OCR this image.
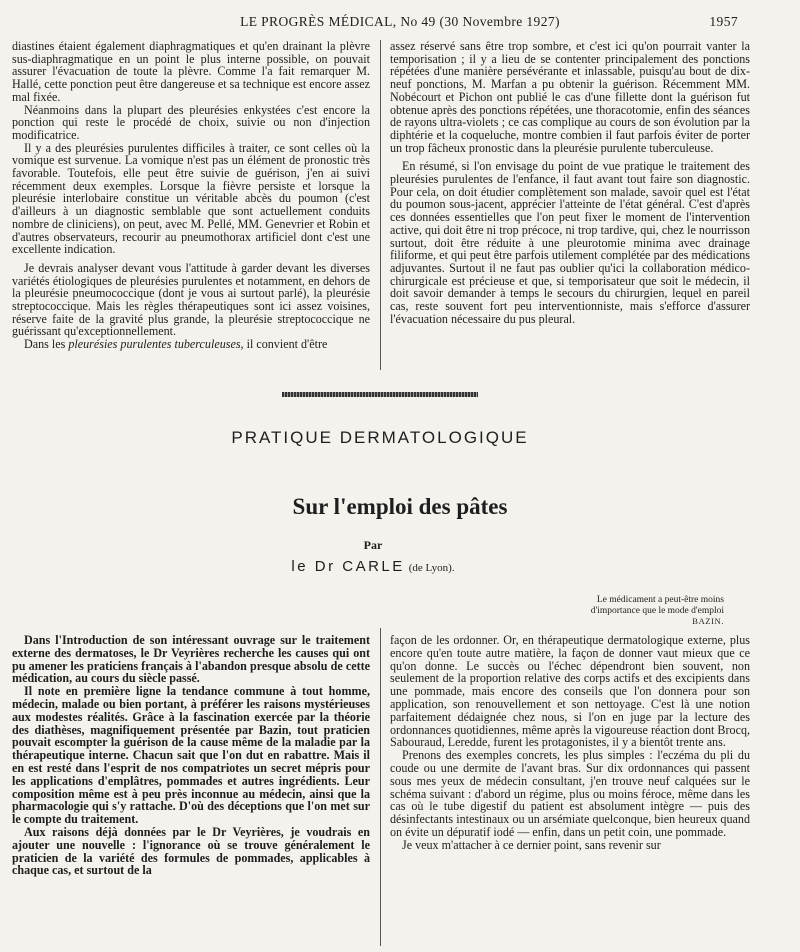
LE PROGRÈS MÉDICAL, No 49 (30 Novembre 1927)	1957

diastines étaient également diaphragmatiques et qu'en drainant la plèvre sus-diaphragmatique en un point le plus interne possible, on pouvait assurer l'évacuation de toute la plèvre. Comme l'a fait remarquer M. Hallé, cette ponction peut être dangereuse et sa technique est encore assez mal fixée.

Néanmoins dans la plupart des pleurésies enkystées c'est encore la ponction qui reste le procédé de choix, suivie ou non d'injection modificatrice.

Il y a des pleurésies purulentes difficiles à traiter, ce sont celles où la vomique est survenue. La vomique n'est pas un élément de pronostic très favorable. Toutefois, elle peut être suivie de guérison, j'en ai suivi récemment deux exemples. Lorsque la fièvre persiste et lorsque la pleurésie interlobaire constitue un véritable abcès du poumon (c'est d'ailleurs à un diagnostic semblable que sont actuellement conduits nombre de cliniciens), on peut, avec M. Pellé, MM. Genevrier et Robin et d'autres observateurs, recourir au pneumothorax artificiel dont c'est une excellente indication.

Je devrais analyser devant vous l'attitude à garder devant les diverses variétés étiologiques de pleurésies purulentes et notamment, en dehors de la pleurésie pneumococcique (dont je vous ai surtout parlé), la pleurésie streptococcique. Mais les règles thérapeutiques sont ici assez voisines, réserve faite de la gravité plus grande, la pleurésie streptococcique ne guérissant qu'exceptionnellement.

Dans les pleurésies purulentes tuberculeuses, il convient d'être

assez réservé sans être trop sombre, et c'est ici qu'on pourrait vanter la temporisation ; il y a lieu de se contenter principalement des ponctions répétées d'une manière persévérante et inlassable, puisqu'au bout de dix-neuf ponctions, M. Marfan a pu obtenir la guérison. Récemment MM. Nobécourt et Pichon ont publié le cas d'une fillette dont la guérison fut obtenue après des ponctions répétées, une thoracotomie, enfin des séances de rayons ultra-violets ; ce cas complique au cours de son évolution par la diphtérie et la coqueluche, montre combien il faut parfois éviter de porter un trop fâcheux pronostic dans la pleurésie purulente tuberculeuse.

En résumé, si l'on envisage du point de vue pratique le traitement des pleurésies purulentes de l'enfance, il faut avant tout faire son diagnostic. Pour cela, on doit étudier complètement son malade, savoir quel est l'état du poumon sous-jacent, apprécier l'atteinte de l'état général. C'est d'après ces données essentielles que l'on peut fixer le moment de l'intervention active, qui doit être ni trop précoce, ni trop tardive, qui, chez le nourrisson surtout, doit être réduite à une pleurotomie minima avec drainage filiforme, et qui peut être parfois utilement complétée par des médications adjuvantes. Surtout il ne faut pas oublier qu'ici la collaboration médico-chirurgicale est précieuse et que, si temporisateur que soit le médecin, il doit savoir demander à temps le secours du chirurgien, lequel en pareil cas, reste souvent fort peu interventionniste, mais s'efforce d'assurer l'évacuation nécessaire du pus pleural.

PRATIQUE DERMATOLOGIQUE
Sur l'emploi des pâtes
Par
le Dr CARLE (de Lyon).
Le médicament a peut-être moins
d'importance que le mode d'emploi
BAZIN.

Dans l'Introduction de son intéressant ouvrage sur le traitement externe des dermatoses, le Dr Veyrières recherche les causes qui ont pu amener les praticiens français à l'abandon presque absolu de cette médication, au cours du siècle passé.

Il note en première ligne la tendance commune à tout homme, médecin, malade ou bien portant, à préférer les raisons mystérieuses aux modestes réalités. Grâce à la fascination exercée par la théorie des diathèses, magnifiquement présentée par Bazin, tout praticien pouvait escompter la guérison de la cause même de la maladie par la thérapeutique interne. Chacun sait que l'on dut en rabattre. Mais il en est resté dans l'esprit de nos compatriotes un secret mépris pour les applications d'emplâtres, pommades et autres ingrédients. Leur composition même est à peu près inconnue au médecin, ainsi que la pharmacologie qui s'y rattache. D'où des déceptions que l'on met sur le compte du traitement.

Aux raisons déjà données par le Dr Veyrières, je voudrais en ajouter une nouvelle : l'ignorance où se trouve généralement le praticien de la variété des formules de pommades, applicables à chaque cas, et surtout de la

façon de les ordonner. Or, en thérapeutique dermatologique externe, plus encore qu'en toute autre matière, la façon de donner vaut mieux que ce qu'on donne. Le succès ou l'échec dépendront bien souvent, non seulement de la proportion relative des corps actifs et des excipients dans une pommade, mais encore des conseils que l'on donnera pour son application, son renouvellement et son nettoyage. C'est là une notion parfaitement dédaignée chez nous, si l'on en juge par la lecture des ordonnances quotidiennes, même après la vigoureuse réaction dont Brocq, Sabouraud, Leredde, furent les protagonistes, il y a bientôt trente ans.

Prenons des exemples concrets, les plus simples : l'eczéma du pli du coude ou une dermite de l'avant bras. Sur dix ordonnances qui passent sous mes yeux de médecin consultant, j'en trouve neuf calquées sur le schéma suivant : d'abord un régime, plus ou moins féroce, même dans les cas où le tube digestif du patient est absolument intègre — puis des désinfectants intestinaux ou un arsémiate quelconque, bien heureux quand on évite un dépuratif iodé — enfin, dans un petit coin, une pommade.

Je veux m'attacher à ce dernier point, sans revenir sur
